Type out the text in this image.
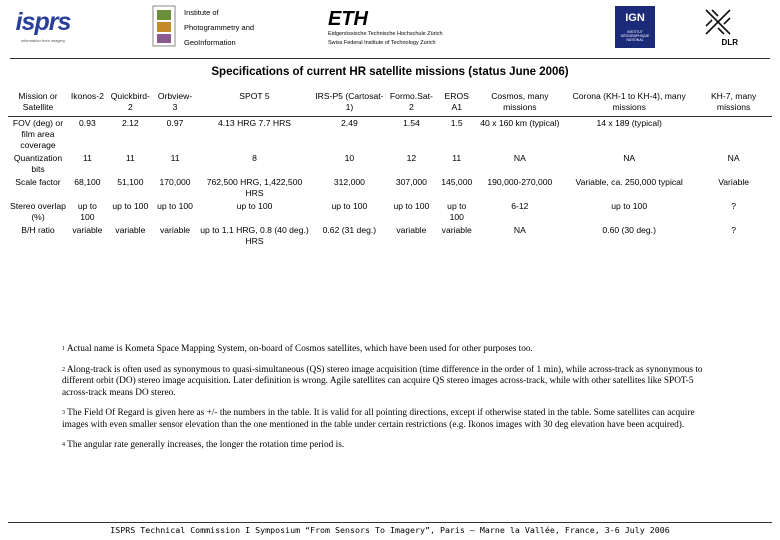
isprs
information from imagery
Institute of
Photogrammetry and
GeoInformation
ETH
Eidgenössische Technische Hochschule Zürich
Swiss Federal Institute of Technology Zurich
IGN
INSTITUT
GÉOGRAPHIQUE
NATIONAL	DLR
Specifications of current HR satellite missions (status June 2006)
Mission or Satellite	Ikonos-2	Quickbird-2	Orbview-3	SPOT 5	IRS-P5 (Cartosat-1)	Formo.Sat-2	EROS A1	Cosmos, many missions	Corona (KH-1 to KH-4), many missions	KH-7, many missions
FOV (deg) or film area coverage	0.93	2.12	0.97	4.13 HRG 7.7 HRS	2.49	1.54	1.5	40 x 160 km (typical)	14 x 189 (typical)	
Quantization bits	11	11	11	8	10	12	11	NA	NA	NA
Scale factor	68,100	51,100	170,000	762,500 HRG, 1,422,500 HRS	312,000	307,000	145,000	190,000-270,000	Variable, ca. 250,000 typical	Variable
Stereo overlap (%)	up to 100	up to 100	up to 100	up to 100	up to 100	up to 100	up to 100	6-12	up to 100	?
B/H ratio	variable	variable	variable	up to 1.1 HRG, 0.8 (40 deg.) HRS	0.62 (31 deg.)	variable	variable	NA	0.60 (30 deg.)	?

$^1$ Actual name is Kometa Space Mapping System, on-board of Cosmos satellites, which have been used for other purposes too.

$^2$ Along-track is often used as synonymous to quasi-simultaneous (QS) stereo image acquisition (time difference in the order of 1 min), while across-track as synonymous to different orbit (DO) stereo image acquisition. Later definition is wrong. Agile satellites can acquire QS stereo images across-track, while with other satellites like SPOT-5 across-track means DO stereo.

$^3$ The Field Of Regard is given here as +/- the numbers in the table. It is valid for all pointing directions, except if otherwise stated in the table. Some satellites can acquire images with even smaller sensor elevation than the one mentioned in the table under certain restrictions (e.g. Ikonos images with 30 deg elevation have been acquired).

$^4$ The angular rate generally increases, the longer the rotation time period is.

ISPRS Technical Commission I Symposium “From Sensors To Imagery”, Paris – Marne la Vallée, France, 3-6 July 2006
